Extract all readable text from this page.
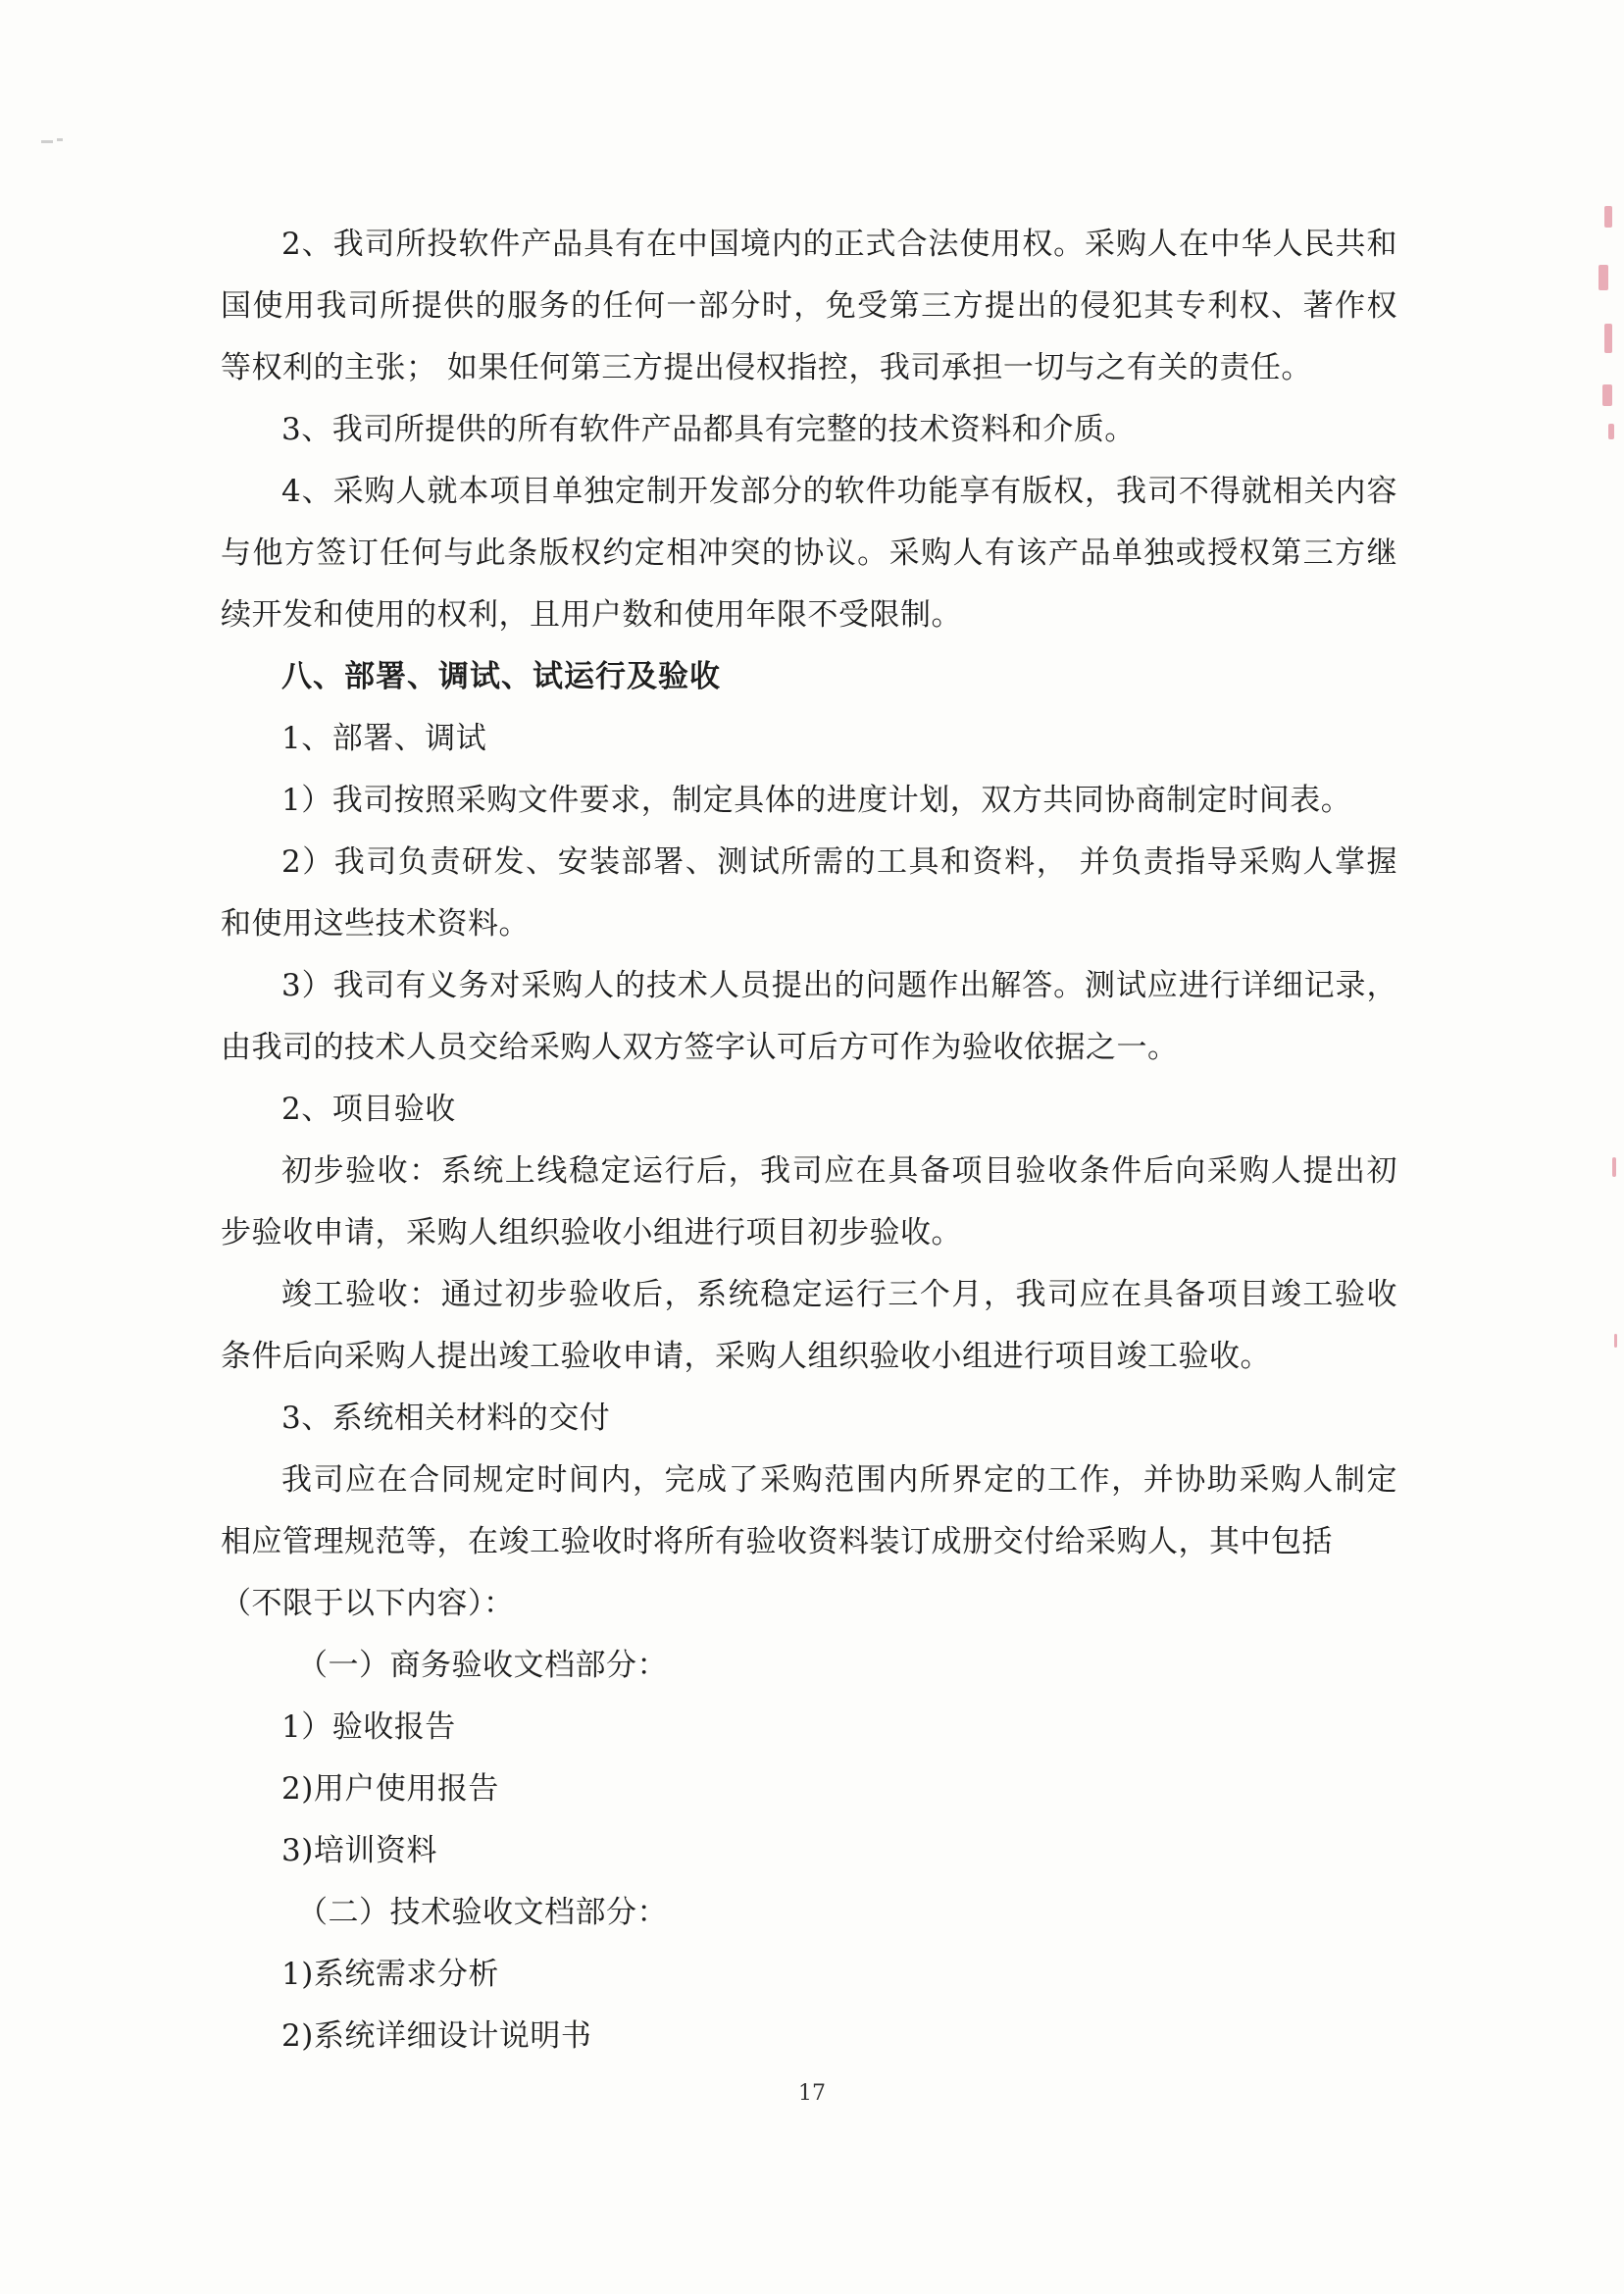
2、我司所投软件产品具有在中国境内的正式合法使用权。采购人在中华人民共和
国使用我司所提供的服务的任何一部分时，免受第三方提出的侵犯其专利权、著作权
等权利的主张； 如果任何第三方提出侵权指控，我司承担一切与之有关的责任。
3、我司所提供的所有软件产品都具有完整的技术资料和介质。
4、采购人就本项目单独定制开发部分的软件功能享有版权，我司不得就相关内容
与他方签订任何与此条版权约定相冲突的协议。采购人有该产品单独或授权第三方继
续开发和使用的权利，且用户数和使用年限不受限制。
八、部署、调试、试运行及验收
1、部署、调试
1）我司按照采购文件要求，制定具体的进度计划，双方共同协商制定时间表。
2）我司负责研发、安装部署、测试所需的工具和资料， 并负责指导采购人掌握
和使用这些技术资料。
3）我司有义务对采购人的技术人员提出的问题作出解答。测试应进行详细记录，
由我司的技术人员交给采购人双方签字认可后方可作为验收依据之一。
2、项目验收
初步验收：系统上线稳定运行后，我司应在具备项目验收条件后向采购人提出初
步验收申请，采购人组织验收小组进行项目初步验收。
竣工验收：通过初步验收后，系统稳定运行三个月，我司应在具备项目竣工验收
条件后向采购人提出竣工验收申请，采购人组织验收小组进行项目竣工验收。
3、系统相关材料的交付
我司应在合同规定时间内，完成了采购范围内所界定的工作，并协助采购人制定
相应管理规范等，在竣工验收时将所有验收资料装订成册交付给采购人，其中包括
（不限于以下内容）：
（一）商务验收文档部分：
1）验收报告
2)用户使用报告
3)培训资料
（二）技术验收文档部分：
1)系统需求分析
2)系统详细设计说明书
17
